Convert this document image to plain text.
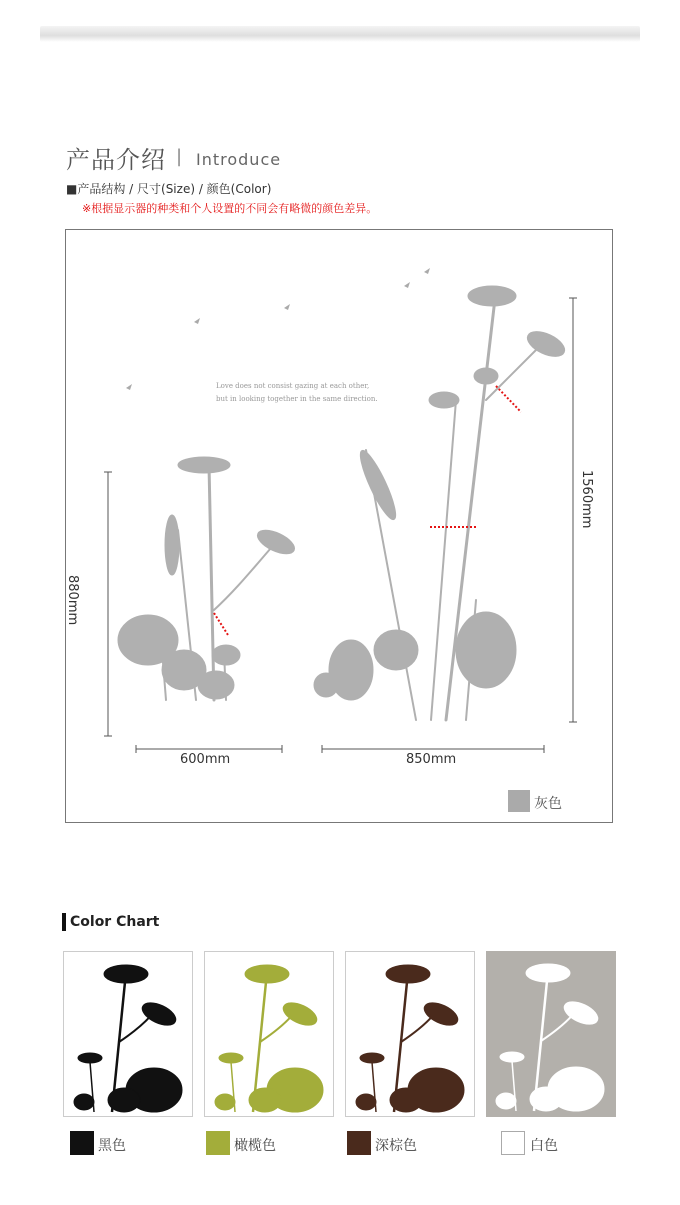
产品介绍 | Introduce
■产品结构 / 尺寸(Size) / 颜色(Color)
※根据显示器的种类和个人设置的不同会有略微的颜色差异。
Love does not consist gazing at each other,
but in looking together in the same direction.
880mm
1560mm
600mm	850mm
灰色
Color Chart
黑色	橄榄色	深棕色	白色
